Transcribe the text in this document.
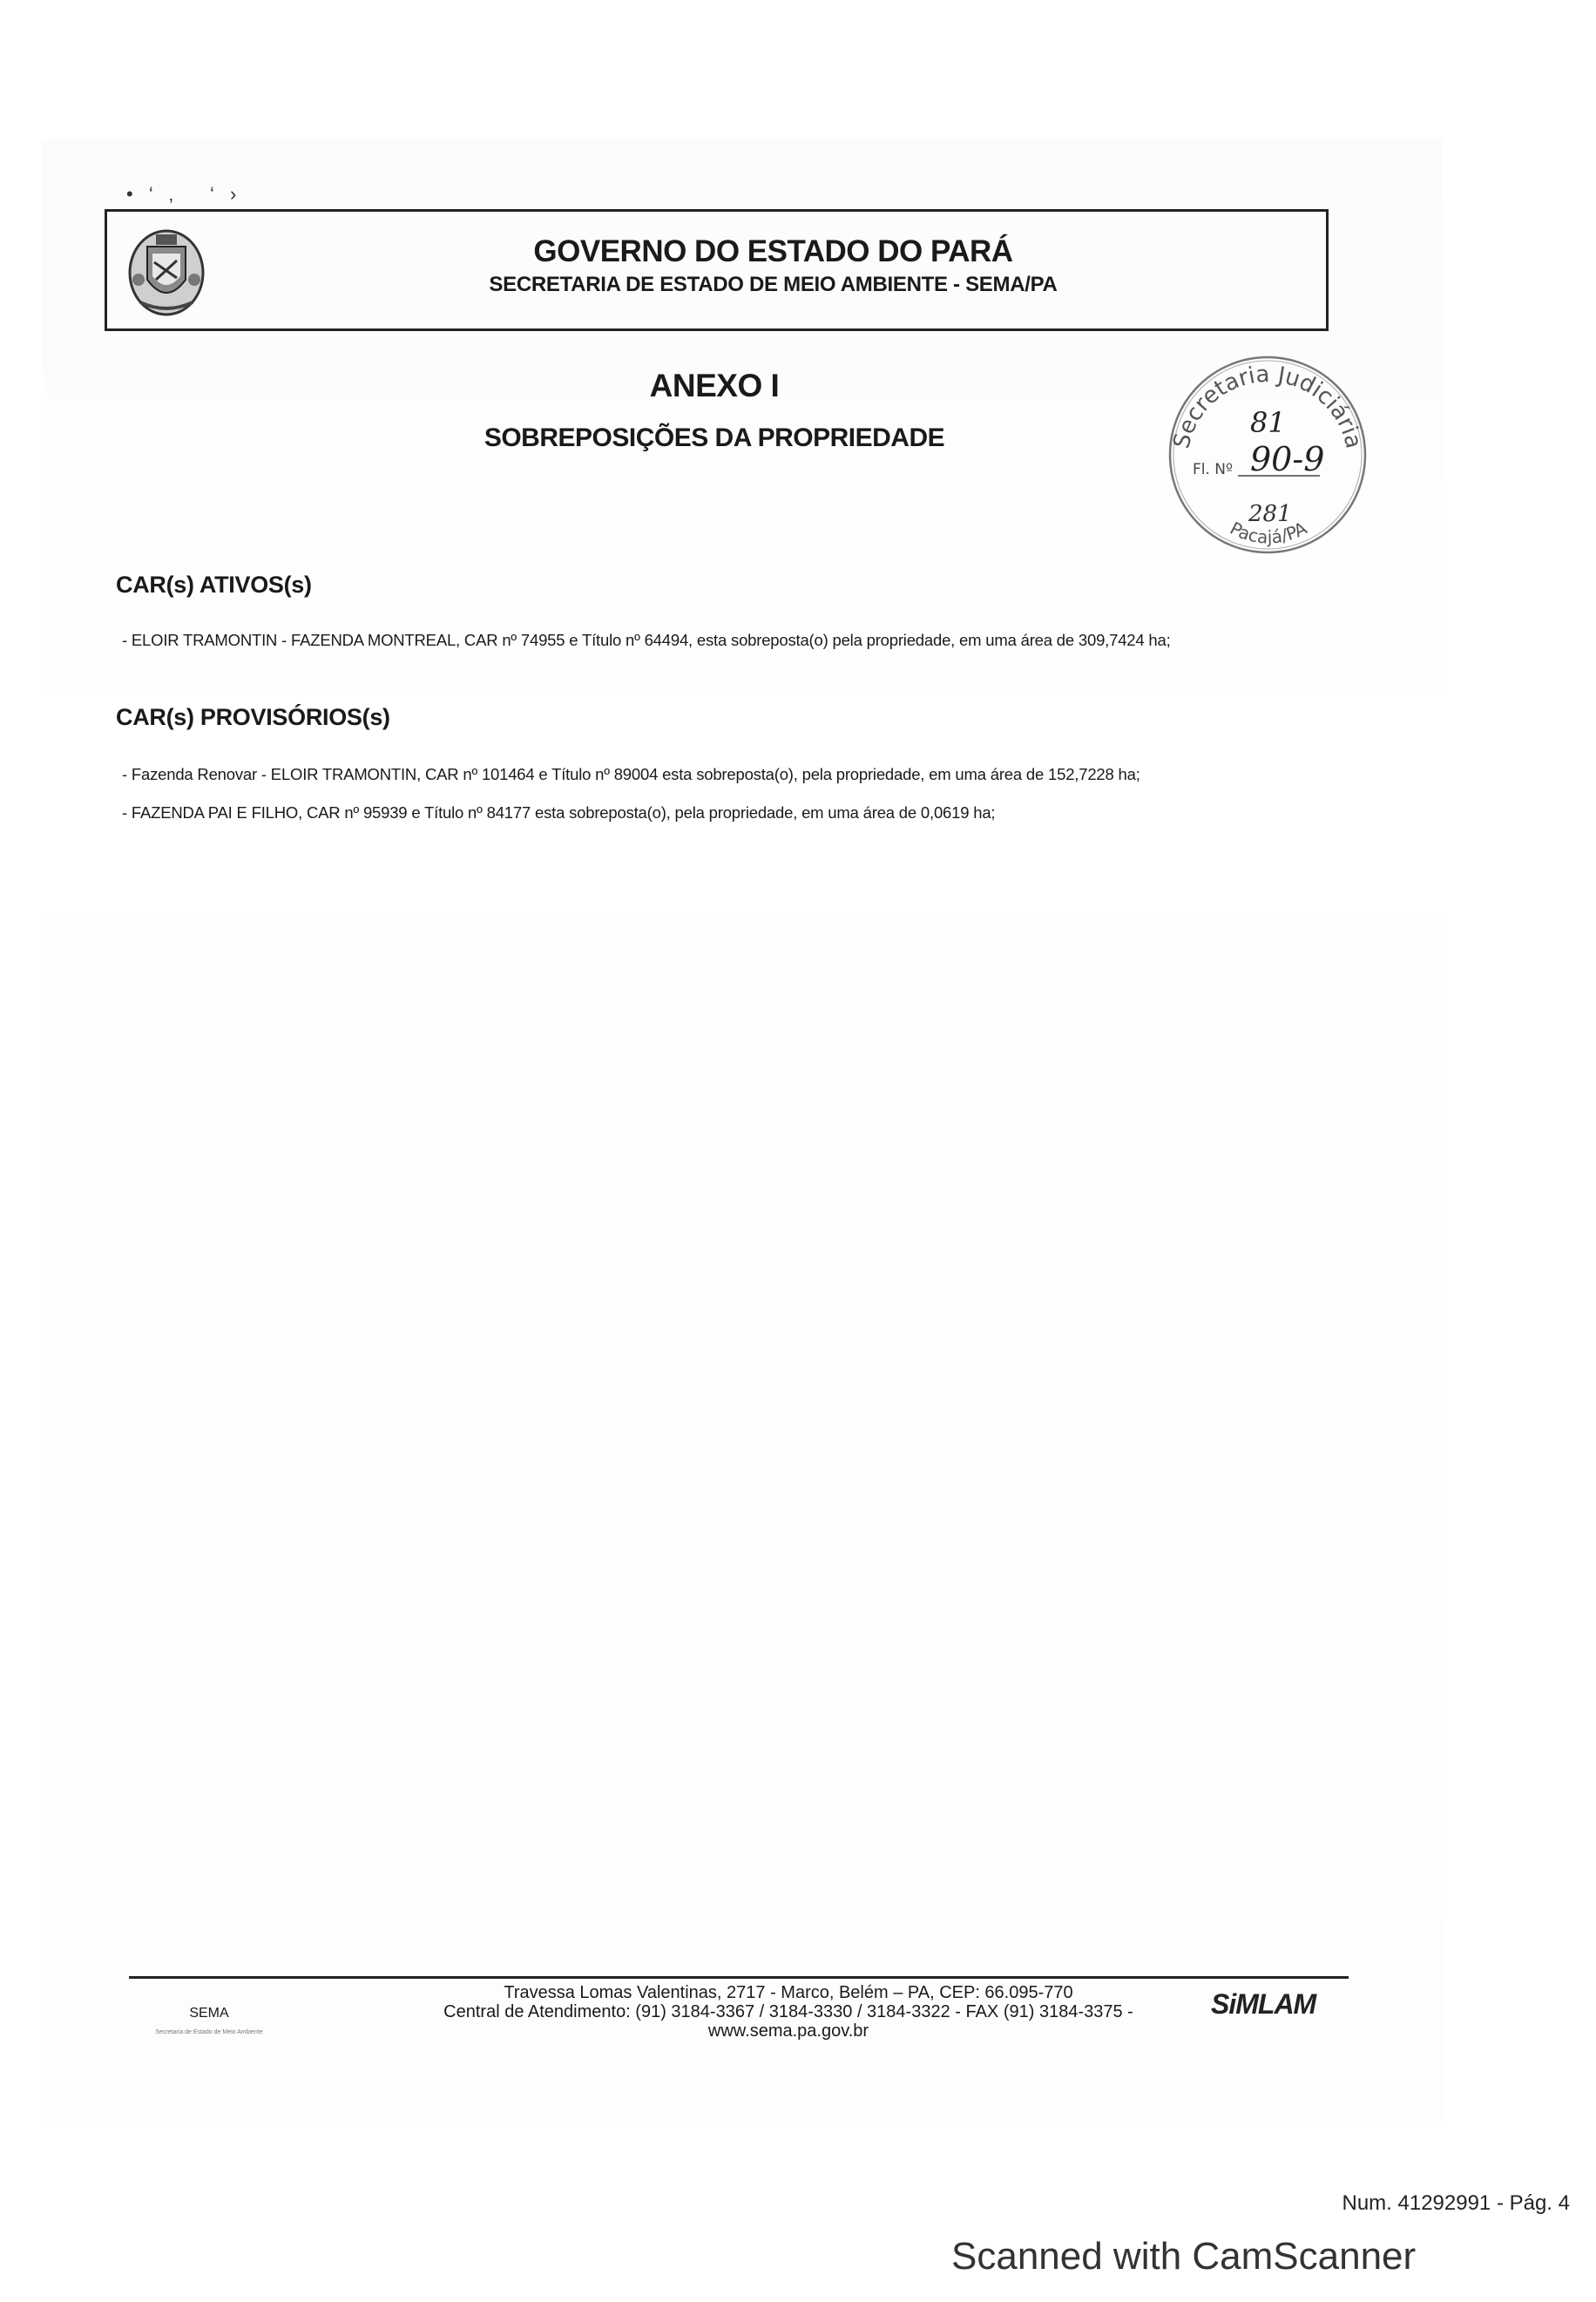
• ‘ ‚   ‘ ›
GOVERNO DO ESTADO DO PARÁ
SECRETARIA DE ESTADO DE MEIO AMBIENTE - SEMA/PA
ANEXO I
SOBREPOSIÇÕES DA PROPRIEDADE	Secretaria Judiciária
Pacajá/PA
Fl. Nº
81
90-9
281
CAR(s) ATIVOS(s)
- ELOIR TRAMONTIN - FAZENDA MONTREAL, CAR nº 74955 e Título nº 64494, esta sobreposta(o) pela propriedade, em uma área de 309,7424 ha;
CAR(s) PROVISÓRIOS(s)
- Fazenda Renovar - ELOIR TRAMONTIN, CAR nº 101464 e Título nº 89004 esta sobreposta(o), pela propriedade, em uma área de 152,7228 ha;
- FAZENDA PAI E FILHO, CAR nº 95939 e Título nº 84177 esta sobreposta(o), pela propriedade, em uma área de 0,0619 ha;
SEMA
Secretaria de Estado de Meio Ambiente
Travessa Lomas Valentinas, 2717 - Marco, Belém – PA, CEP: 66.095-770
Central de Atendimento: (91) 3184-3367 / 3184-3330 / 3184-3322 - FAX (91) 3184-3375 -
www.sema.pa.gov.br
SiMLAM
Num. 41292991 - Pág. 4
Scanned with CamScanner
